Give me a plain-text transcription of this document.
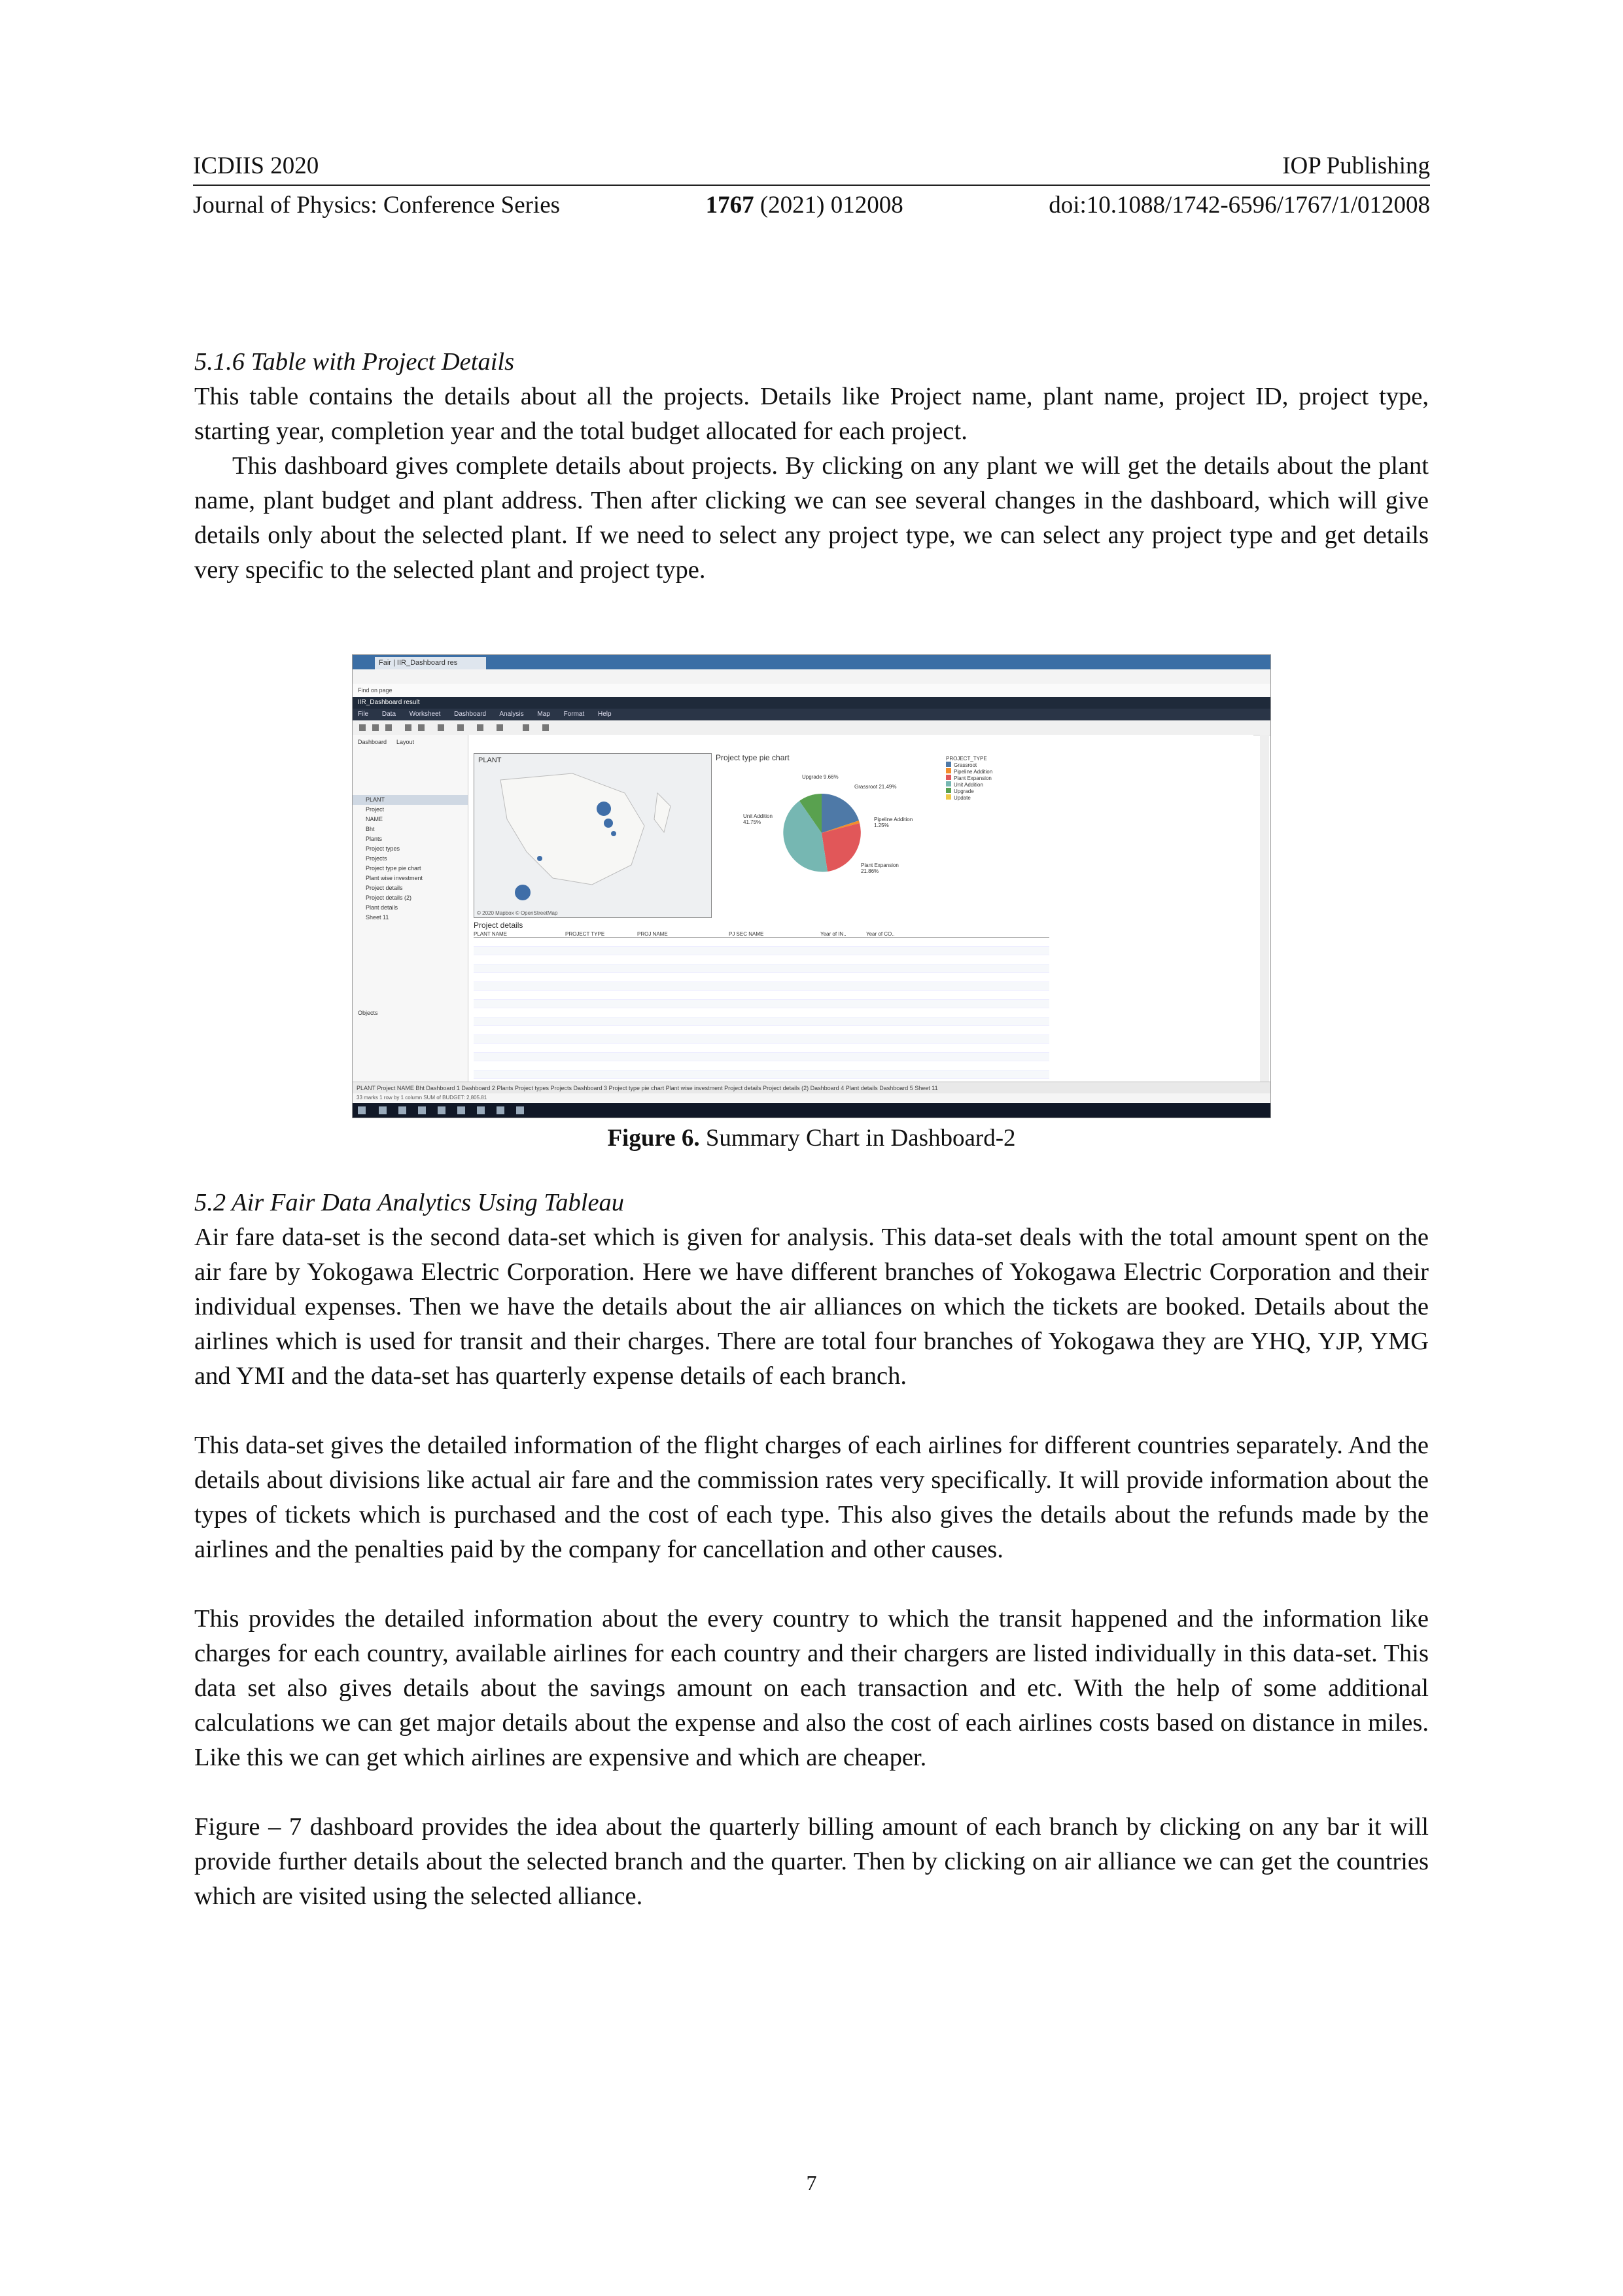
ICDIIS 2020	IOP Publishing
Journal of Physics: Conference Series	1767 (2021) 012008	doi:10.1088/1742-6596/1767/1/012008
5.1.6 Table with Project Details
This table contains the details about all the projects. Details like Project name, plant name, project ID, project type, starting year, completion year and the total budget allocated for each project.
This dashboard gives complete details about projects. By clicking on any plant we will get the details about the plant name, plant budget and plant address. Then after clicking we can see several changes in the dashboard, which will give details only about the selected plant. If we need to select any project type, we can select any project type and get details very specific to the selected plant and project type.
Fair | IIR_Dashboard res
Find on page
IIR_Dashboard result
File Data Worksheet Dashboard Analysis Map Format Help
Dashboard      Layout
PLANT
Project
NAME
Bht
Plants
Project types
Projects
Project type pie chart
Plant wise investment
Project details
Project details (2)
Plant details
Sheet 11
Objects
PLANT
© 2020 Mapbox © OpenStreetMap
Project type pie chart
Unit Addition 41.75%
Grassroot 21.49%
Pipeline Addition 1.25%
Plant Expansion 21.86%
Upgrade 9.66%
PROJECT_TYPE
Grassroot
Pipeline Addition
Plant Expansion
Unit Addition
Upgrade
Update
Project details
PLANT NAME	PROJECT TYPE	PROJ NAME	PJ SEC NAME	Year of IN..	Year of CO..
PLANT Project NAME Bht Dashboard 1 Dashboard 2 Plants Project types Projects Dashboard 3 Project type pie chart Plant wise investment Project details Project details (2) Dashboard 4 Plant details Dashboard 5 Sheet 11
33 marks 1 row by 1 column SUM of BUDGET: 2,805.81
Figure 6. Summary Chart in Dashboard-2
5.2 Air Fair Data Analytics Using Tableau
Air fare data-set is the second data-set which is given for analysis. This data-set deals with the total amount spent on the air fare by Yokogawa Electric Corporation. Here we have different branches of Yokogawa Electric Corporation and their individual expenses. Then we have the details about the air alliances on which the tickets are booked. Details about the airlines which is used for transit and their charges. There are total four branches of Yokogawa they are YHQ, YJP, YMG and YMI and the data-set has quarterly expense details of each branch.
This data-set gives the detailed information of the flight charges of each airlines for different countries separately. And the details about divisions like actual air fare and the commission rates very specifically. It will provide information about the types of tickets which is purchased and the cost of each type. This also gives the details about the refunds made by the airlines and the penalties paid by the company for cancellation and other causes.
This provides the detailed information about the every country to which the transit happened and the information like charges for each country, available airlines for each country and their chargers are listed individually in this data-set. This data set also gives details about the savings amount on each transaction and etc. With the help of some additional calculations we can get major details about the expense and also the cost of each airlines costs based on distance in miles. Like this we can get which airlines are expensive and which are cheaper.
Figure – 7 dashboard provides the idea about the quarterly billing amount of each branch by clicking on any bar it will provide further details about the selected branch and the quarter. Then by clicking on air alliance we can get the countries which are visited using the selected alliance.
7
